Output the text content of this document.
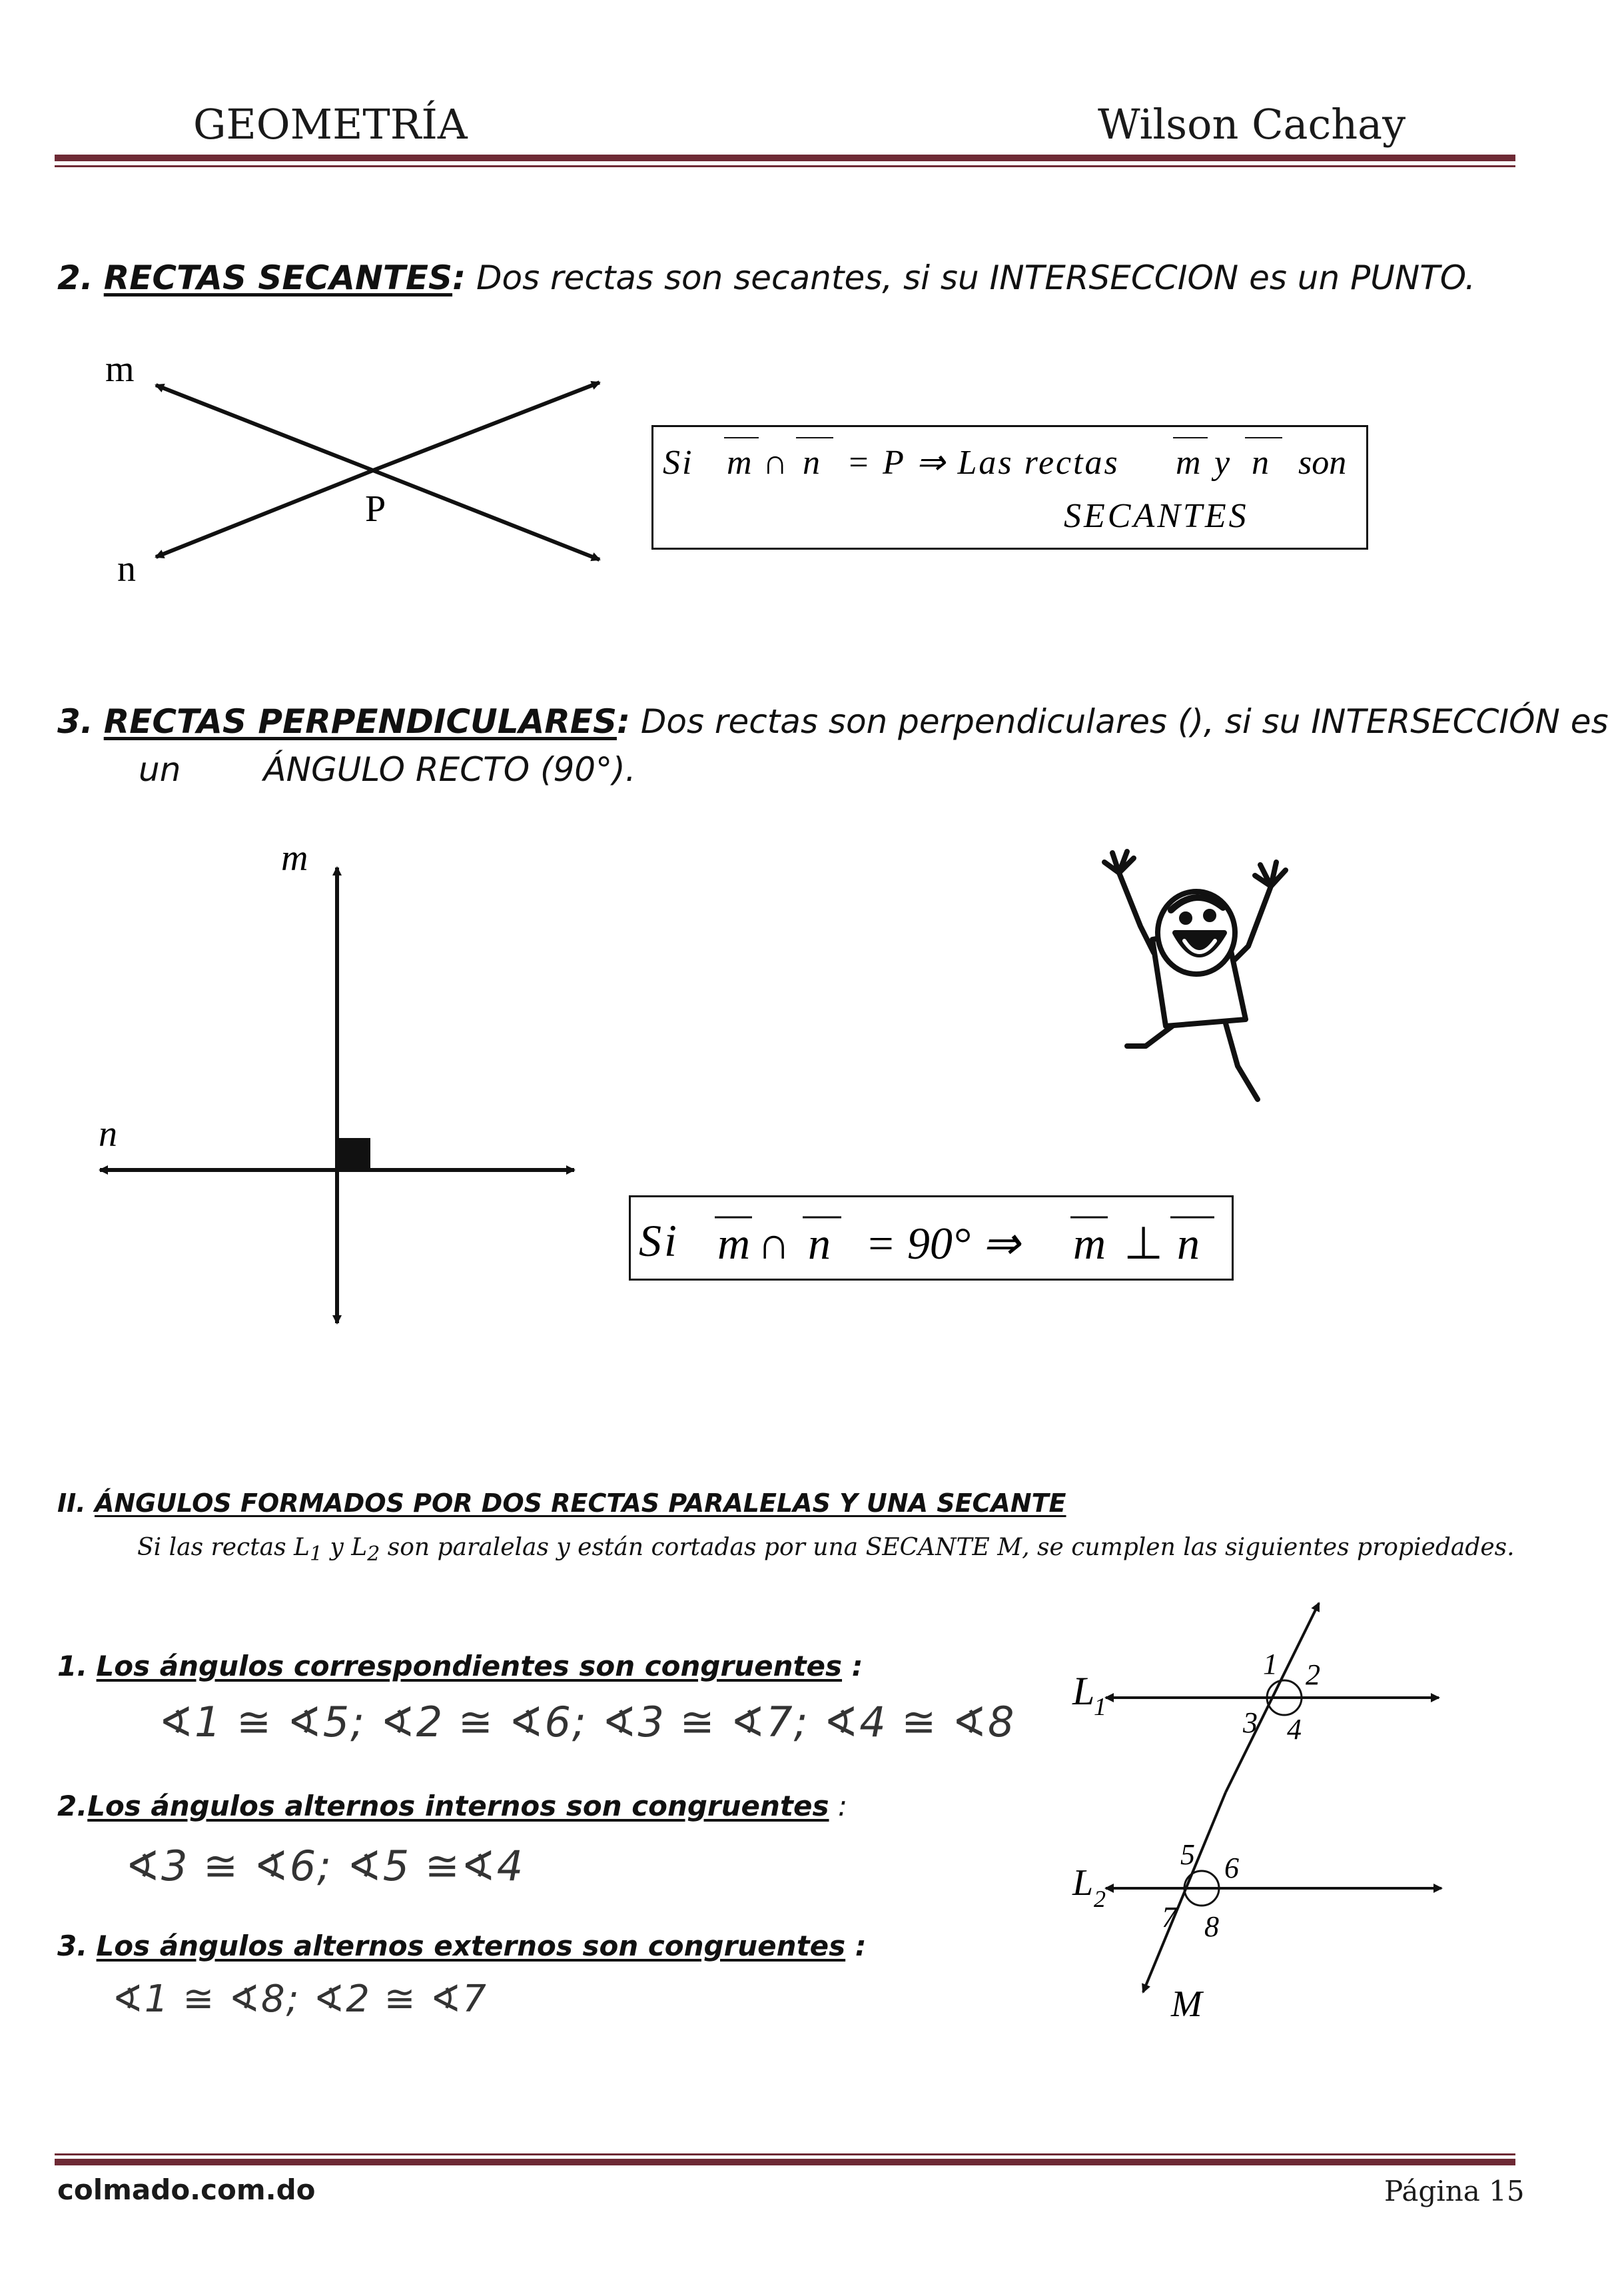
GEOMETRÍA	Wilson Cachay
2. RECTAS SECANTES: Dos rectas son secantes, si su INTERSECCION es un PUNTO.
m
n
P
Si m ∩ n = P ⇒ Las rectas m y n son
SECANTES
3. RECTAS PERPENDICULARES: Dos rectas son perpendiculares (), si su INTERSECCIÓN es
un ÁNGULO RECTO (90°).
m
n
Si m ∩ n = 90° ⇒ m ⊥ n
II. ÁNGULOS FORMADOS POR DOS RECTAS PARALELAS Y UNA SECANTE
Si las rectas $L_1$ y $L_2$ son paralelas y están cortadas por una SECANTE M, se cumplen las siguientes propiedades.
1. Los ángulos correspondientes son congruentes :
∢1 ≅ ∢5; ∢2 ≅ ∢6; ∢3 ≅ ∢7; ∢4 ≅ ∢8
2.Los ángulos alternos internos son congruentes :
∢3 ≅ ∢6; ∢5 ≅∢4
3. Los ángulos alternos externos son congruentes :
∢1 ≅ ∢8; ∢2 ≅ ∢7
L
1
L 2
M
1 2
3 4
5 6
7 8
colmado.com.do	Página 15
